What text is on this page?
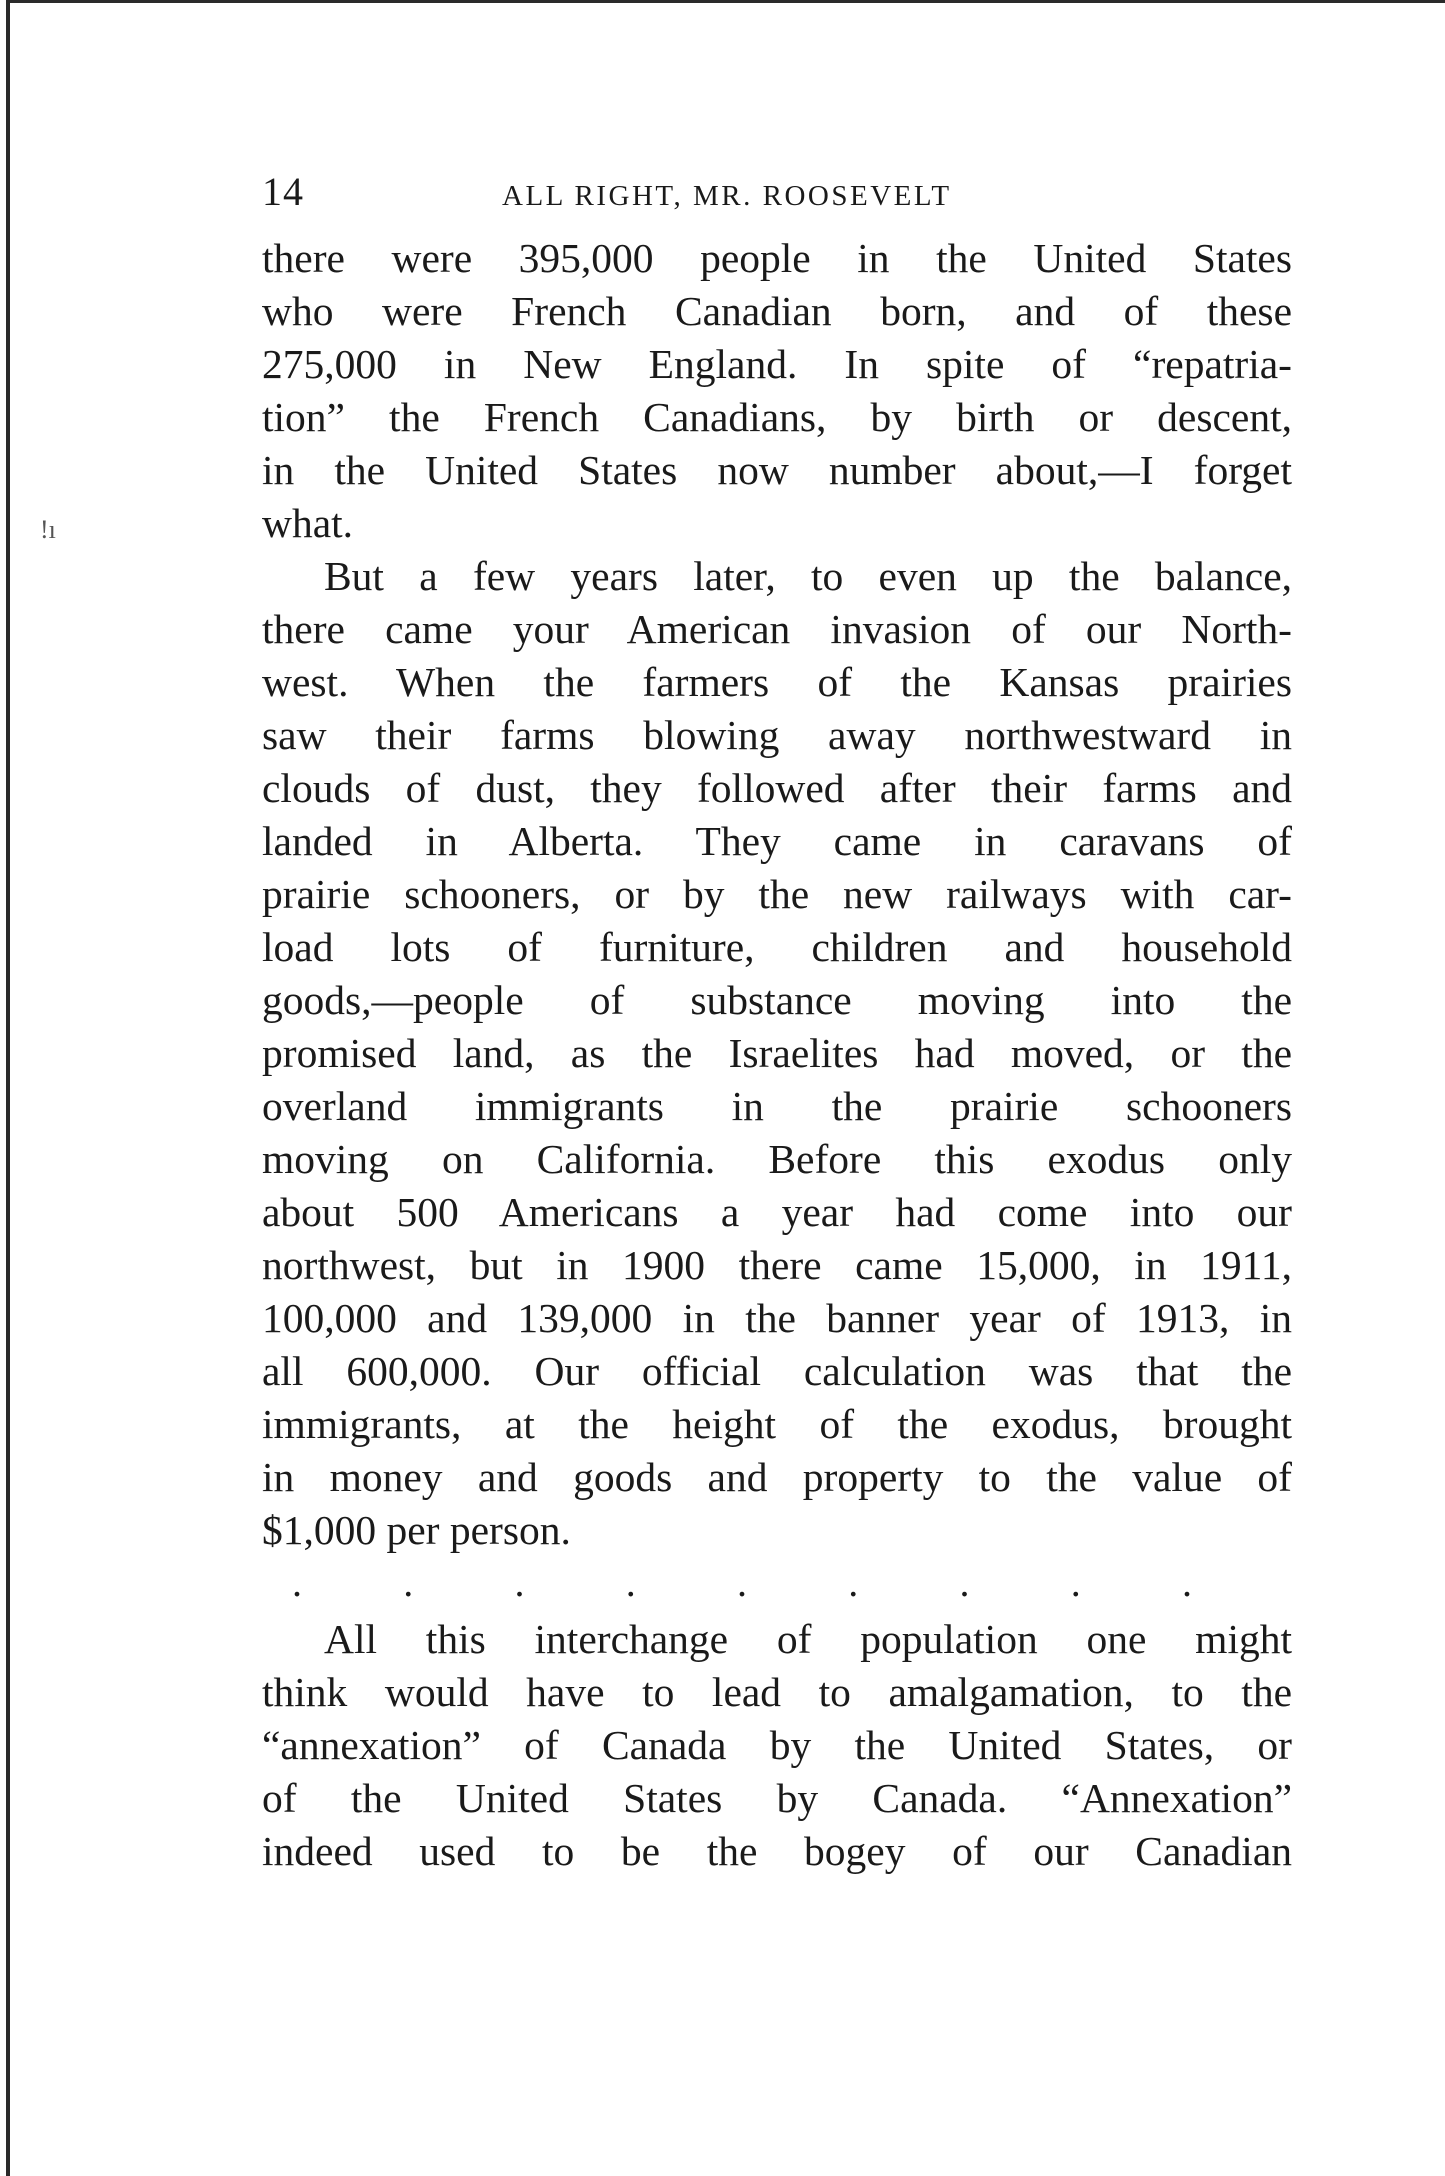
!ı
14	ALL RIGHT, MR. ROOSEVELT
there were 395,000 people in the United States
who were French Canadian born, and of these
275,000 in New England. In spite of “repatria-
tion” the French Canadians, by birth or descent,
in the United States now number about,—I forget
what.
But a few years later, to even up the balance,
there came your American invasion of our North-
west. When the farmers of the Kansas prairies
saw their farms blowing away northwestward in
clouds of dust, they followed after their farms and
landed in Alberta. They came in caravans of
prairie schooners, or by the new railways with car-
load lots of furniture, children and household
goods,—people of substance moving into the
promised land, as the Israelites had moved, or the
overland immigrants in the prairie schooners
moving on California. Before this exodus only
about 500 Americans a year had come into our
northwest, but in 1900 there came 15,000, in 1911,
100,000 and 139,000 in the banner year of 1913, in
all 600,000. Our official calculation was that the
immigrants, at the height of the exodus, brought
in money and goods and property to the value of
$1,000 per person.
.	.	.	.	.	.	.	.	.
All this interchange of population one might
think would have to lead to amalgamation, to the
“annexation” of Canada by the United States, or
of the United States by Canada. “Annexation”
indeed used to be the bogey of our Canadian
